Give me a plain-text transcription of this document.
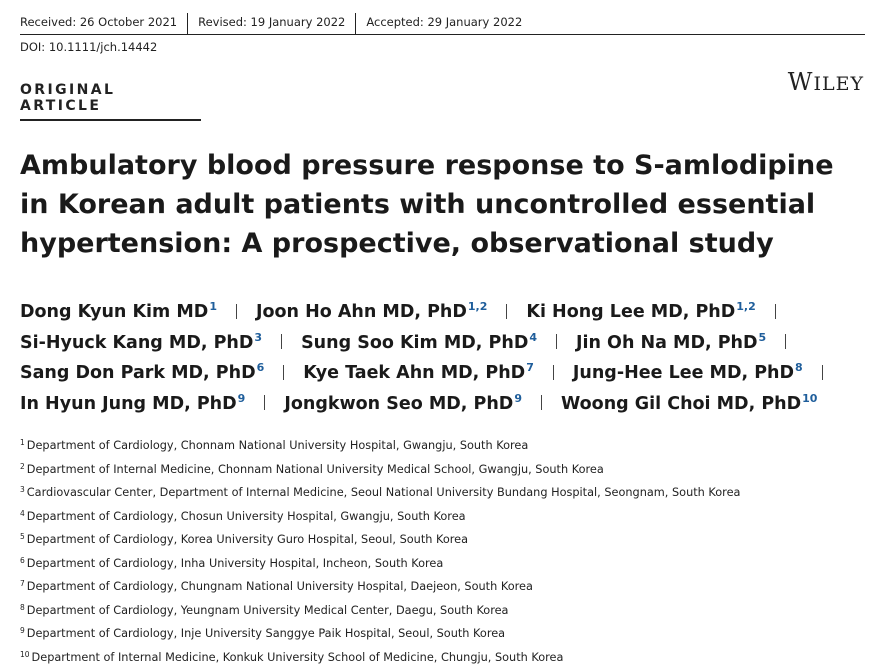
Received: 26 October 2021	Revised: 19 January 2022	Accepted: 29 January 2022
DOI: 10.1111/jch.14442
ORIGINAL ARTICLE
WILEY
Ambulatory blood pressure response to S-amlodipine in Korean adult patients with uncontrolled essential hypertension: A prospective, observational study
Dong Kyun Kim $MD^1$ Joon Ho Ahn MD, PhD$^{1,2}$ Ki Hong Lee MD, PhD$^{1,2}$
Si-Hyuck Kang MD, PhD$^3$ Sung Soo Kim MD, PhD$^4$ Jin Oh Na MD, PhD$^5$
Sang Don Park MD, PhD$^6$ Kye Taek Ahn MD, PhD$^7$ Jung-Hee Lee MD, PhD$^8$
In Hyun Jung MD, PhD$^9$ Jongkwon Seo MD, PhD$^9$ Woong Gil Choi MD, PhD$^{10}$
$^1$ Department of Cardiology, Chonnam National University Hospital, Gwangju, South Korea
$^2$ Department of Internal Medicine, Chonnam National University Medical School, Gwangju, South Korea
$^3$ Cardiovascular Center, Department of Internal Medicine, Seoul National University Bundang Hospital, Seongnam, South Korea
$^4$ Department of Cardiology, Chosun University Hospital, Gwangju, South Korea
$^5$ Department of Cardiology, Korea University Guro Hospital, Seoul, South Korea
$^6$ Department of Cardiology, Inha University Hospital, Incheon, South Korea
$^7$ Department of Cardiology, Chungnam National University Hospital, Daejeon, South Korea
$^8$ Department of Cardiology, Yeungnam University Medical Center, Daegu, South Korea
$^9$ Department of Cardiology, Inje University Sanggye Paik Hospital, Seoul, South Korea
$^{10}$ Department of Internal Medicine, Konkuk University School of Medicine, Chungju, South Korea
